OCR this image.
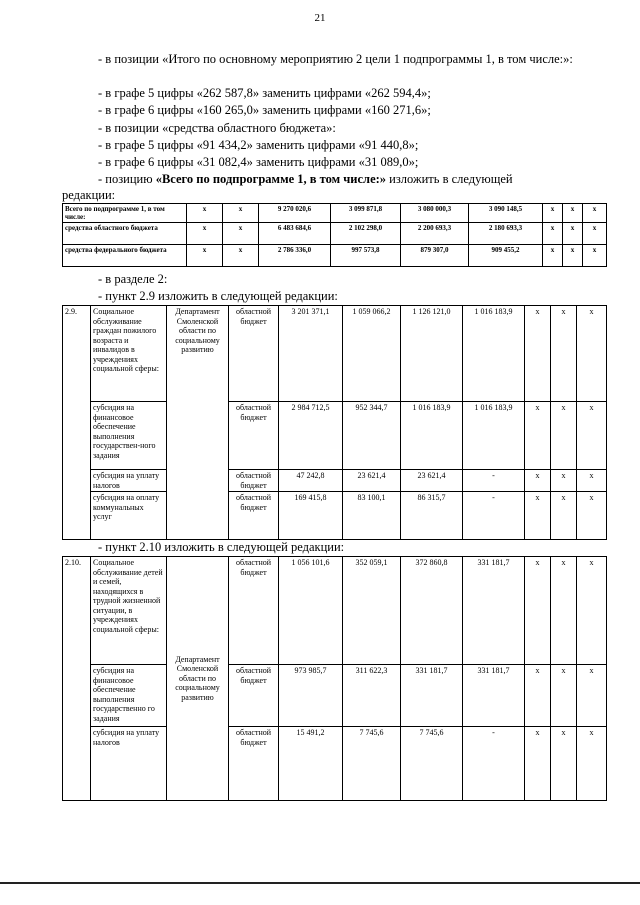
21
- в позиции «Итого по основному мероприятию 2 цели 1 подпрограммы 1, в том числе:»:
- в графе 5 цифры «262 587,8» заменить цифрами «262 594,4»;
- в графе 6 цифры «160 265,0» заменить цифрами «160 271,6»;
- в позиции «средства областного бюджета»:
- в графе 5 цифры «91 434,2» заменить цифрами «91 440,8»;
- в графе 6 цифры «31 082,4» заменить цифрами «31 089,0»;
- позицию «Всего по подпрограмме 1, в том числе:» изложить в следующей
редакции:
Всего по подпрограмме 1, в том числе:	х	х	9 270 020,6	3 099 871,8	3 080 000,3	3 090 148,5	х	х	х
средства областного бюджета	х	х	6 483 684,6	2 102 298,0	2 200 693,3	2 180 693,3	х	х	х
средства федерального бюджета	х	х	2 786 336,0	997 573,8	879 307,0	909 455,2	х	х	х
- в разделе 2:
- пункт 2.9 изложить в следующей редакции:
2.9.	Социальное обслуживание граждан пожилого возраста и инвалидов в учреждениях социальной сферы:	Департамент Смоленской области по социальному развитию	областной бюджет	3 201 371,1	1 059 066,2	1 126 121,0	1 016 183,9	х	х	х
	субсидия на финансовое обеспечение выполнения государствен-ного задания		областной бюджет	2 984 712,5	952 344,7	1 016 183,9	1 016 183,9	х	х	х
	субсидия на уплату налогов		областной бюджет	47 242,8	23 621,4	23 621,4	-	х	х	х
	субсидия на оплату коммунальных услуг		областной бюджет	169 415,8	83 100,1	86 315,7	-	х	х	х
- пункт 2.10 изложить в следующей редакции:
2.10.	Социальное обслуживание детей и семей, находящихся в трудной жизненной ситуации, в учреждениях социальной сферы:	Департамент Смоленской области по социальному развитию	областной бюджет	1 056 101,6	352 059,1	372 860,8	331 181,7	х	х	х
	субсидия на финансовое обеспечение выполнения государственно го задания		областной бюджет	973 985,7	311 622,3	331 181,7	331 181,7	х	х	х
	субсидия на уплату налогов		областной бюджет	15 491,2	7 745,6	7 745,6	-	х	х	х
